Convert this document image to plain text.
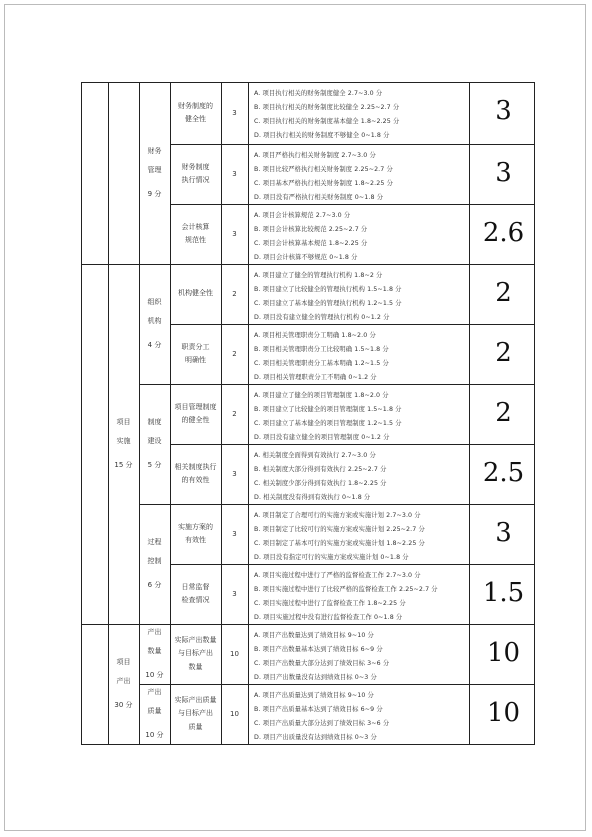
财务
管理
9 分
组织
机构
4 分
制度
建设
5 分
过程
控制
6 分
产出
数量
10 分
产出
质量
10 分
项目
实施
15 分
项目
产出
30 分
财务制度的
健全性
3
A. 项目执行相关的财务制度健全 2.7~3.0 分
B. 项目执行相关的财务制度比较健全 2.25~2.7 分
C. 项目执行相关的财务制度基本健全 1.8~2.25 分
D. 项目执行相关的财务制度不够健全 0~1.8 分
3
财务制度
执行情况
3
A. 项目严格执行相关财务制度 2.7~3.0 分
B. 项目比较严格执行相关财务制度 2.25~2.7 分
C. 项目基本严格执行相关财务制度 1.8~2.25 分
D. 项目没有严格执行相关财务制度 0~1.8 分
3
会计核算
规范性
3
A. 项目会计核算规范 2.7~3.0 分
B. 项目会计核算比较规范 2.25~2.7 分
C. 项目会计核算基本规范 1.8~2.25 分
D. 项目会计核算不够规范 0~1.8 分
2.6
机构健全性	2
A. 项目建立了健全的管理执行机构 1.8~2 分
B. 项目建立了比较健全的管理执行机构 1.5~1.8 分
C. 项目建立了基本健全的管理执行机构 1.2~1.5 分
D. 项目没有建立健全的管理执行机构 0~1.2 分
2
职责分工
明确性
2
A. 项目相关管理职责分工明确 1.8~2.0 分
B. 项目相关管理职责分工比较明确 1.5~1.8 分
C. 项目相关管理职责分工基本明确 1.2~1.5 分
D. 项目相关管理职责分工不明确 0~1.2 分
2
项目管理制度
的健全性
2
A. 项目建立了健全的项目管理制度 1.8~2.0 分
B. 项目建立了比较健全的项目管理制度 1.5~1.8 分
C. 项目建立了基本健全的项目管理制度 1.2~1.5 分
D. 项目没有建立健全的项目管理制度 0~1.2 分
2
相关制度执行
的有效性
3
A. 相关制度全面得到有效执行 2.7~3.0 分
B. 相关制度大部分得到有效执行 2.25~2.7 分
C. 相关制度少部分得到有效执行 1.8~2.25 分
D. 相关制度没有得到有效执行 0~1.8 分
2.5
实施方案的
有效性
3
A. 项目制定了合理可行的实施方案或实施计划 2.7~3.0 分
B. 项目制定了比较可行的实施方案或实施计划 2.25~2.7 分
C. 项目制定了基本可行的实施方案或实施计划 1.8~2.25 分
D. 项目没有指定可行的实施方案或实施计划 0~1.8 分
3
日常监督
检查情况
3
A. 项目实施过程中进行了严格的监督检查工作 2.7~3.0 分
B. 项目实施过程中进行了比较严格的监督检查工作 2.25~2.7 分
C. 项目实施过程中进行了监督检查工作 1.8~2.25 分
D. 项目实施过程中没有进行监督检查工作 0~1.8 分
1.5
实际产出数量
与目标产出
数量
10
A. 项目产出数量达到了绩效目标 9~10 分
B. 项目产出数量基本达到了绩效目标 6~9 分
C. 项目产出数量大部分达到了绩效目标 3~6 分
D. 项目产出数量没有达到绩效目标 0~3 分
10
实际产出质量
与目标产出
质量
10
A. 项目产出质量达到了绩效目标 9~10 分
B. 项目产出质量基本达到了绩效目标 6~9 分
C. 项目产出质量大部分达到了绩效目标 3~6 分
D. 项目产出质量没有达到绩效目标 0~3 分
10
